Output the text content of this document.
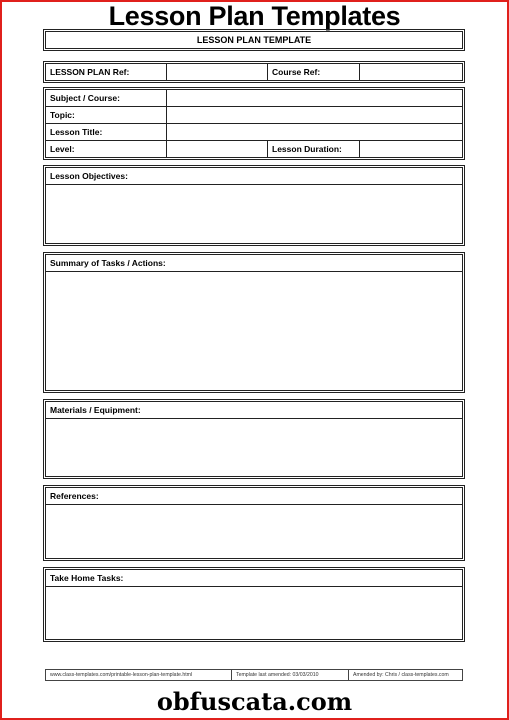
Lesson Plan Templates
LESSON PLAN TEMPLATE
LESSON PLAN Ref:		Course Ref:	
Subject / Course:			
Topic:			
Lesson Title:			
Level:		Lesson Duration:	
Lesson Objectives:
Summary of Tasks / Actions:
Materials / Equipment:
References:
Take Home Tasks:
www.class-templates.com/printable-lesson-plan-template.html	Template last amended: 03/03/2010	Amended by: Chris / class-templates.com
obfuscata.com
